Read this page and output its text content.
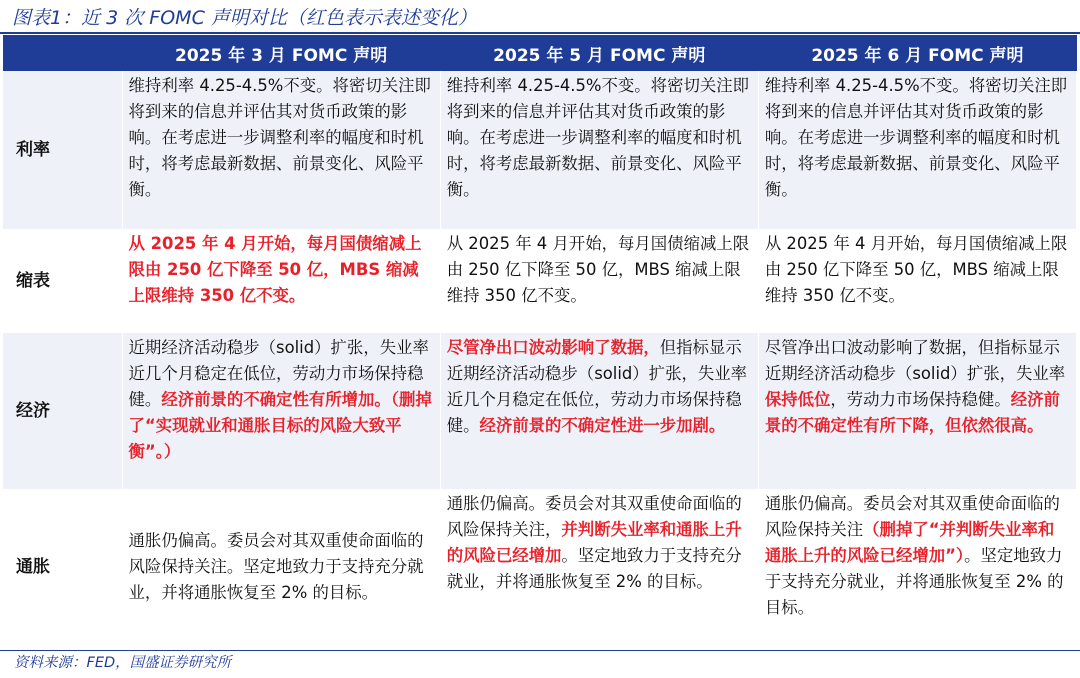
图表1：近 3 次 FOMC 声明对比（红色表示表述变化）
	2025 年 3 月 FOMC 声明	2025 年 5 月 FOMC 声明	2025 年 6 月 FOMC 声明
利率	维持利率 4.25-4.5%不变。将密切关注即将到来的信息并评估其对货币政策的影响。在考虑进一步调整利率的幅度和时机时，将考虑最新数据、前景变化、风险平衡。	维持利率 4.25-4.5%不变。将密切关注即将到来的信息并评估其对货币政策的影响。在考虑进一步调整利率的幅度和时机时，将考虑最新数据、前景变化、风险平衡。	维持利率 4.25-4.5%不变。将密切关注即将到来的信息并评估其对货币政策的影响。在考虑进一步调整利率的幅度和时机时，将考虑最新数据、前景变化、风险平衡。
缩表	从 2025 年 4 月开始，每月国债缩减上限由 250 亿下降至 50 亿，MBS 缩减上限维持 350 亿不变。	从 2025 年 4 月开始，每月国债缩减上限由 250 亿下降至 50 亿，MBS 缩减上限维持 350 亿不变。	从 2025 年 4 月开始，每月国债缩减上限由 250 亿下降至 50 亿，MBS 缩减上限维持 350 亿不变。
经济	近期经济活动稳步（solid）扩张，失业率近几个月稳定在低位，劳动力市场保持稳健。经济前景的不确定性有所增加。（删掉了“实现就业和通胀目标的风险大致平衡”。）	尽管净出口波动影响了数据，但指标显示近期经济活动稳步（solid）扩张，失业率近几个月稳定在低位，劳动力市场保持稳健。经济前景的不确定性进一步加剧。	尽管净出口波动影响了数据，但指标显示近期经济活动稳步（solid）扩张，失业率保持低位，劳动力市场保持稳健。经济前景的不确定性有所下降，但依然很高。
通胀	通胀仍偏高。委员会对其双重使命面临的风险保持关注。坚定地致力于支持充分就业，并将通胀恢复至 2% 的目标。	通胀仍偏高。委员会对其双重使命面临的风险保持关注，并判断失业率和通胀上升的风险已经增加。坚定地致力于支持充分就业，并将通胀恢复至 2% 的目标。	通胀仍偏高。委员会对其双重使命面临的风险保持关注（删掉了“并判断失业率和通胀上升的风险已经增加”）。坚定地致力于支持充分就业，并将通胀恢复至 2% 的目标。
资料来源：FED，国盛证券研究所
